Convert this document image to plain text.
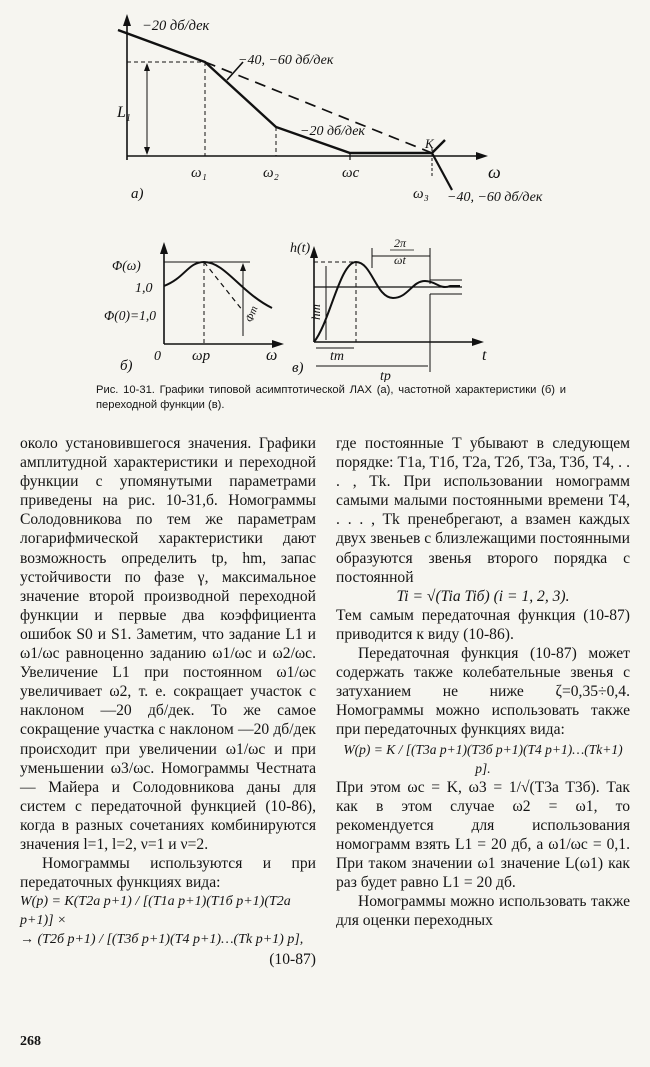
−20 дб/дек
−40, −60 дб/дек
−20 дб/дек
−40, −60 дб/дек
$L_1$
K
ω
ω₁	ω₂	ωc
ω₃
а)
Φ(ω)
1,0
Φ(0)=1,0	Φm
0 ωp	ω
б)
h(t)	2π
ωt
hm
tm
tp
t
в)
Рис. 10-31. Графики типовой асимптотической ЛАХ (а), частотной характеристики (б) и переходной функции (в).

около установившегося значения. Графики амплитудной характеристики и переходной функции с упомянутыми параметрами приведены на рис. 10-31,б. Номограммы Солодовникова по тем же параметрам логарифмической характеристики дают возможность определить tp, hm, запас устойчивости по фазе γ, максимальное значение второй производной переходной функции и первые два коэффициента ошибок S0 и S1. Заметим, что задание L1 и ω1/ωc равноценно заданию ω1/ωc и ω2/ωc. Увеличение L1 при постоянном ω1/ωc увеличивает ω2, т. е. сокращает участок с наклоном —20 дб/дек. То же самое сокращение участка с наклоном —20 дб/дек происходит при увеличении ω1/ωc и при уменьшении ω3/ωc. Номограммы Честната — Майера и Солодовникова даны для систем с передаточной функцией (10-86), когда в разных сочетаниях комбинируются значения l=1, l=2, ν=1 и ν=2.

Номограммы используются и при передаточных функциях вида:

W(p) = K(T2a p+1) / [(T1a p+1)(T1б p+1)(T2a p+1)] ×

→ (T2б p+1) / [(T3б p+1)(T4 p+1)…(Tk p+1) p],

(10-87)

где постоянные T убывают в следующем порядке: T1a, T1б, T2a, T2б, T3a, T3б, T4, . . . , Tk. При использовании номограмм самыми малыми постоянными времени T4, . . . , Tk пренебрегают, а взамен каждых двух звеньев с близлежащими постоянными образуются звенья второго порядка с постоянной

Ti = √(Tia Tiб) (i = 1, 2, 3).

Тем самым передаточная функция (10-87) приводится к виду (10-86).

Передаточная функция (10-87) может содержать также колебательные звенья с затуханием не ниже ζ=0,35÷0,4. Номограммы можно использовать также при передаточных функциях вида:

W(p) = K / [(T3a p+1)(T3б p+1)(T4 p+1)…(Tk+1) p].

При этом ωc = K, ω3 = 1/√(T3a T3б). Так как в этом случае ω2 = ω1, то рекомендуется для использования номограмм взять L1 = 20 дб, а ω1/ωc = 0,1. При таком значении ω1 значение L(ω1) как раз будет равно L1 = 20 дб.

Номограммы можно использовать также для оценки переходных

268
